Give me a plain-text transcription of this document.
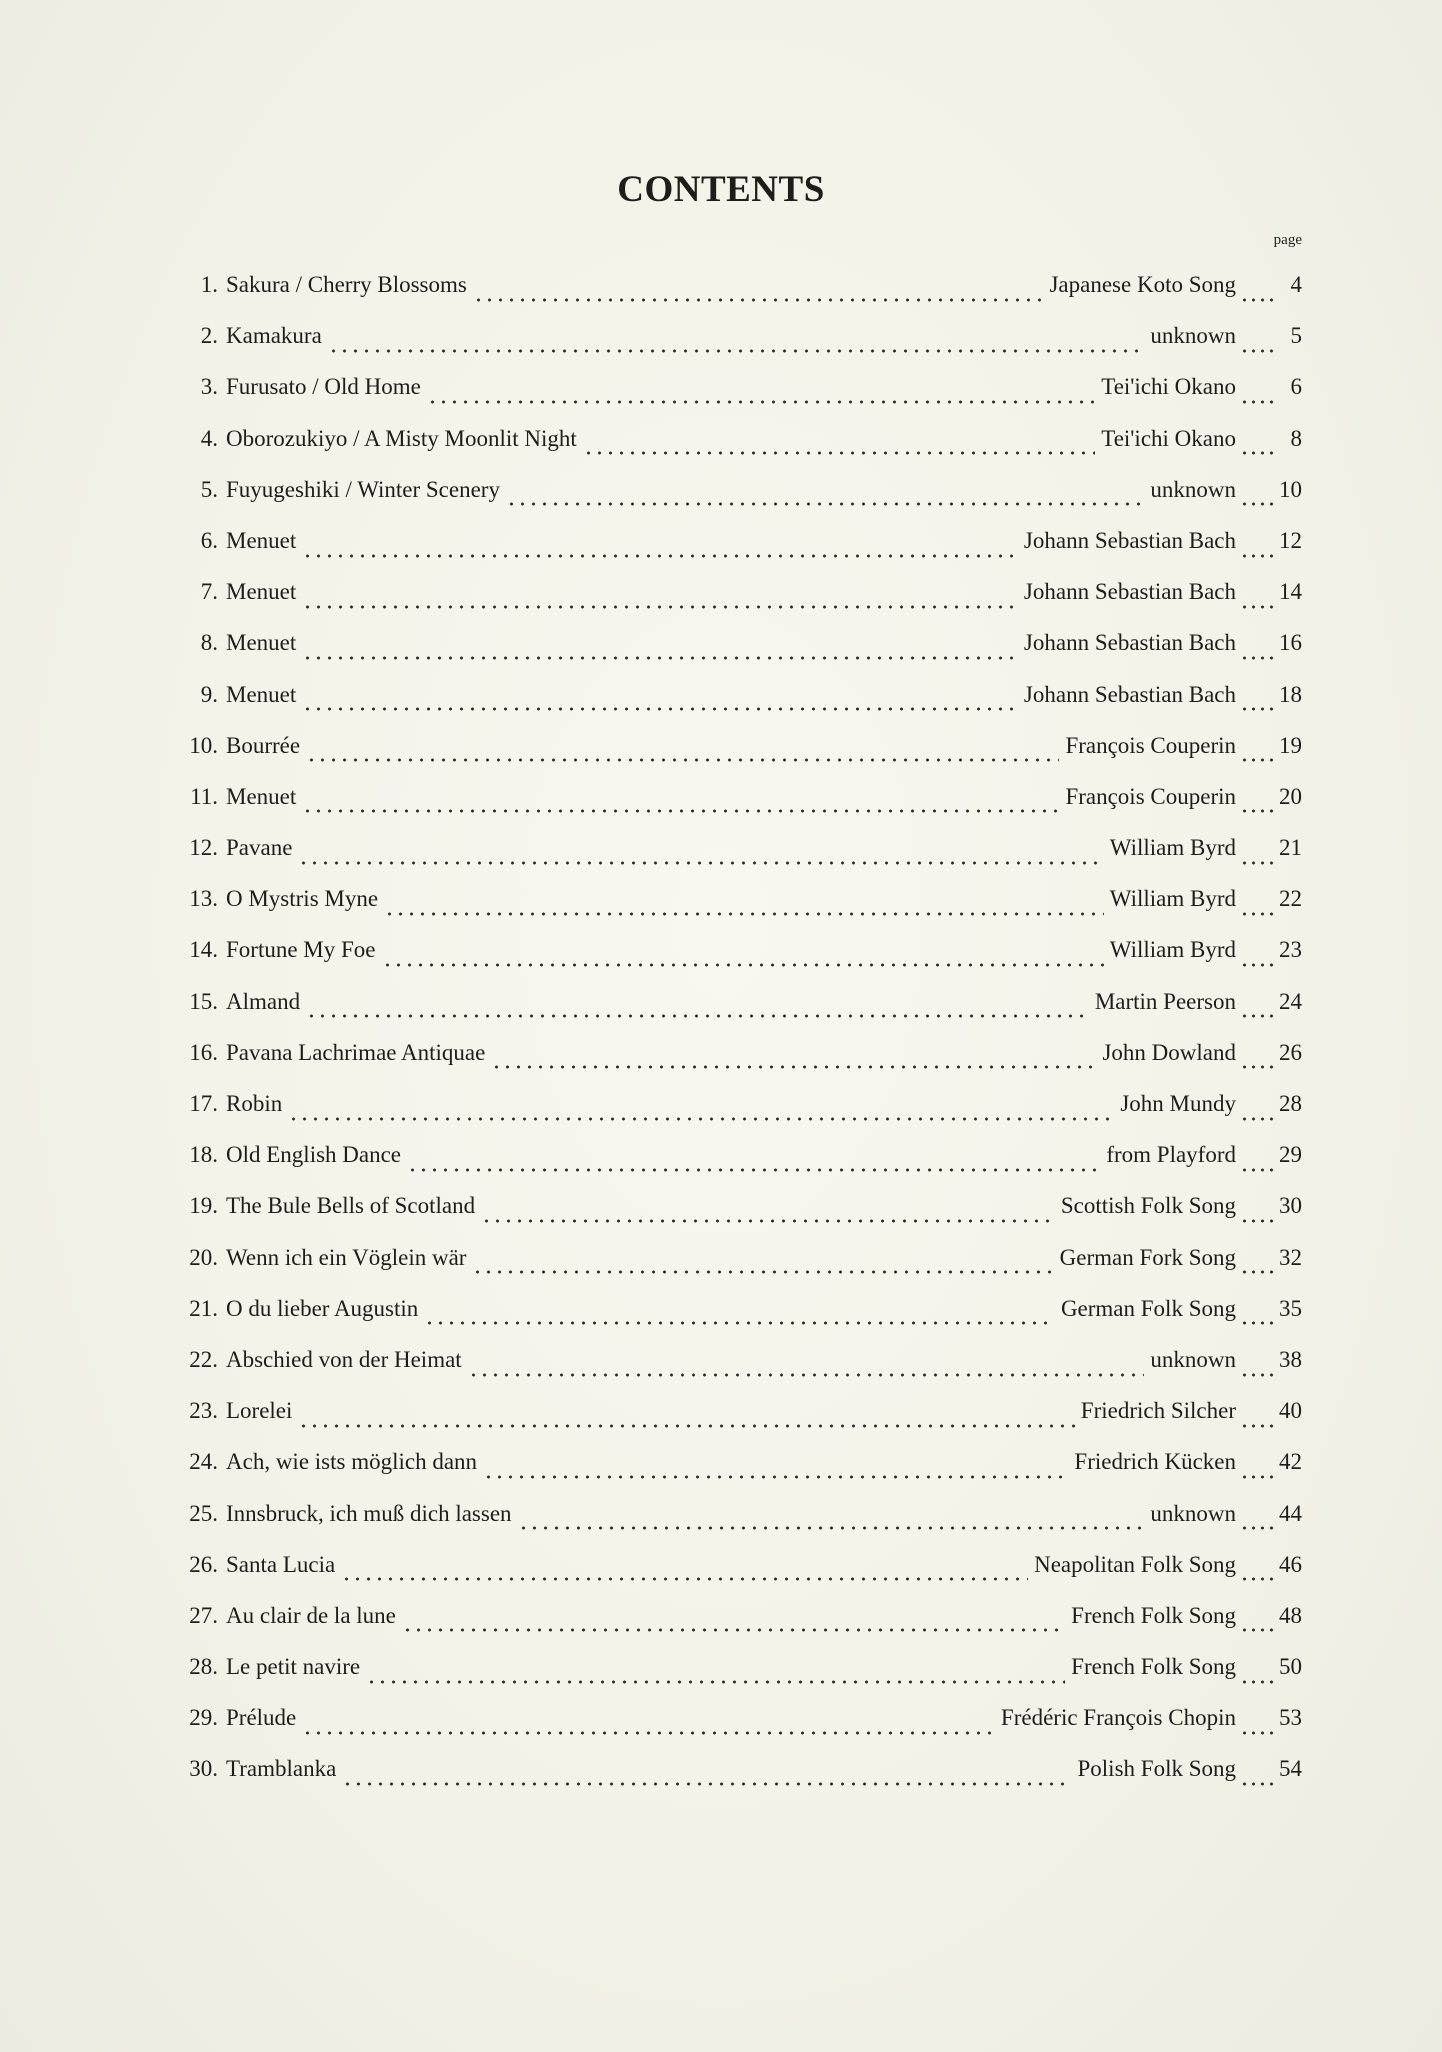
CONTENTS
page
1. Sakura / Cherry Blossoms	Japanese Koto Song	4
2. Kamakura	unknown	5
3. Furusato / Old Home	Tei'ichi Okano	6
4. Oborozukiyo / A Misty Moonlit Night	Tei'ichi Okano	8
5. Fuyugeshiki / Winter Scenery	unknown 10
6. Menuet	Johann Sebastian Bach 12
7. Menuet	Johann Sebastian Bach 14
8. Menuet	Johann Sebastian Bach 16
9. Menuet	Johann Sebastian Bach 18
10. Bourrée	François Couperin 19
11. Menuet	François Couperin 20
12. Pavane	William Byrd 21
13. O Mystris Myne	William Byrd 22
14. Fortune My Foe	William Byrd 23
15. Almand	Martin Peerson 24
16. Pavana Lachrimae Antiquae	John Dowland 26
17. Robin	John Mundy 28
18. Old English Dance	from Playford 29
19. The Bule Bells of Scotland	Scottish Folk Song 30
20. Wenn ich ein Vöglein wär	German Fork Song 32
21. O du lieber Augustin	German Folk Song 35
22. Abschied von der Heimat	unknown 38
23. Lorelei	Friedrich Silcher 40
24. Ach, wie ists möglich dann	Friedrich Kücken 42
25. Innsbruck, ich muß dich lassen	unknown 44
26. Santa Lucia	Neapolitan Folk Song 46
27. Au clair de la lune	French Folk Song 48
28. Le petit navire	French Folk Song 50
29. Prélude	Frédéric François Chopin 53
30. Tramblanka	Polish Folk Song 54
